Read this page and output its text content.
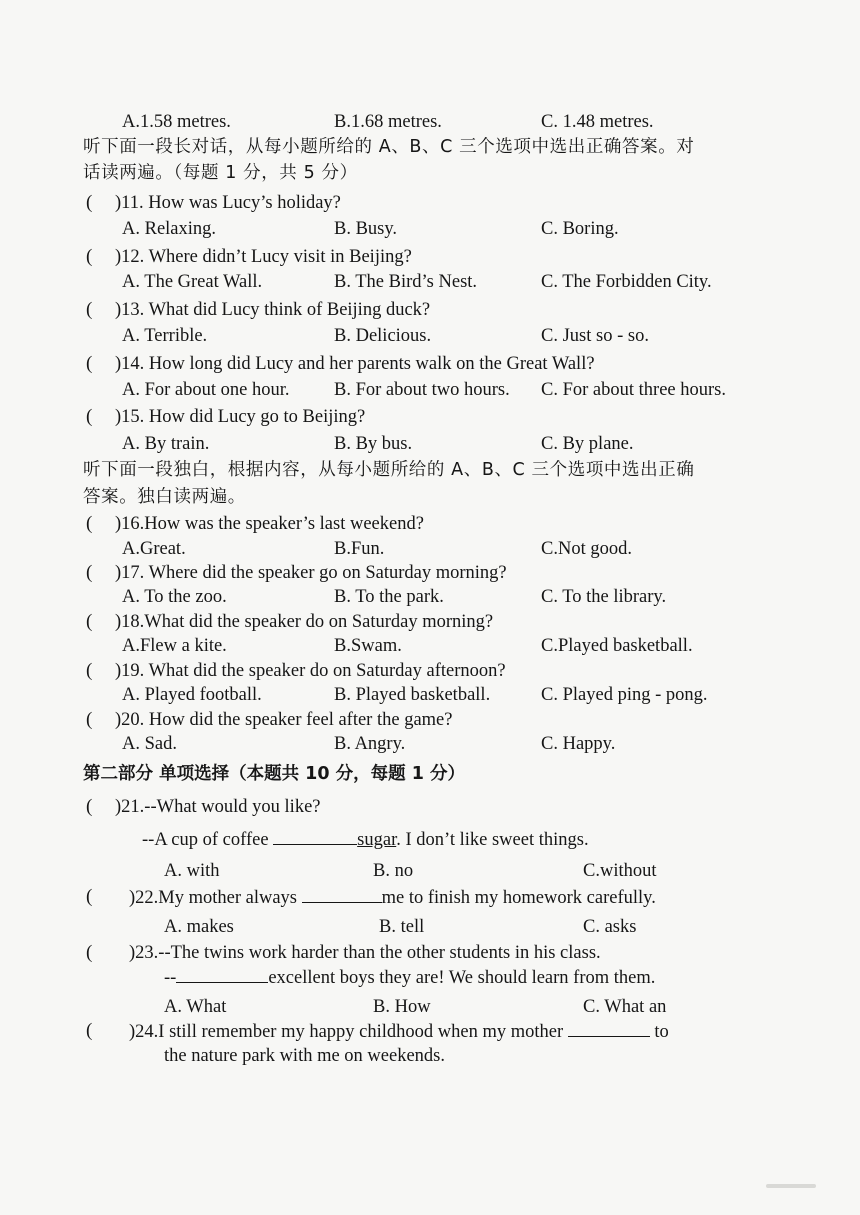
A.1.58 metres.	B.1.68 metres.	C. 1.48 metres.
听下面一段长对话，从每小题所给的 A、B、C 三个选项中选出正确答案。对
话读两遍。（每题 1 分，共 5 分）
( )11. How was Lucy’s holiday?
A. Relaxing.	B. Busy.	C. Boring.
( )12. Where didn’t Lucy visit in Beijing?
A. The Great Wall.	B. The Bird’s Nest.	C. The Forbidden City.
( )13. What did Lucy think of Beijing duck?
A. Terrible.	B. Delicious.	C. Just so - so.
( )14. How long did Lucy and her parents walk on the Great Wall?
A. For about one hour. B. For about two hours. C. For about three hours.
( )15. How did Lucy go to Beijing?
A. By train.	B. By bus.	C. By plane.
听下面一段独白，根据内容，从每小题所给的 A、B、C 三个选项中选出正确
答案。独白读两遍。
( )16.How was the speaker’s last weekend?
A.Great.	B.Fun.	C.Not good.
( )17. Where did the speaker go on Saturday morning?
A. To the zoo.	B. To the park.	C. To the library.
( )18.What did the speaker do on Saturday morning?
A.Flew a kite.	B.Swam.	C.Played basketball.
( )19. What did the speaker do on Saturday afternoon?
A. Played football.	B. Played basketball.	C. Played ping - pong.
( )20. How did the speaker feel after the game?
A. Sad.	B. Angry.	C. Happy.
第二部分 单项选择（本题共 10 分，每题 1 分）
( )21.--What would you like?
--A cup of coffee	sugar. I don’t like sweet things.
A. with	B. no	C.without
( )22.My mother always	me to finish my homework carefully.
A. makes	B. tell	C. asks
( )23.--The twins work harder than the other students in his class.
--	excellent boys they are! We should learn from them.
A. What	B. How	C. What an
( )24.I still remember my happy childhood when my mother	to
the nature park with me on weekends.
